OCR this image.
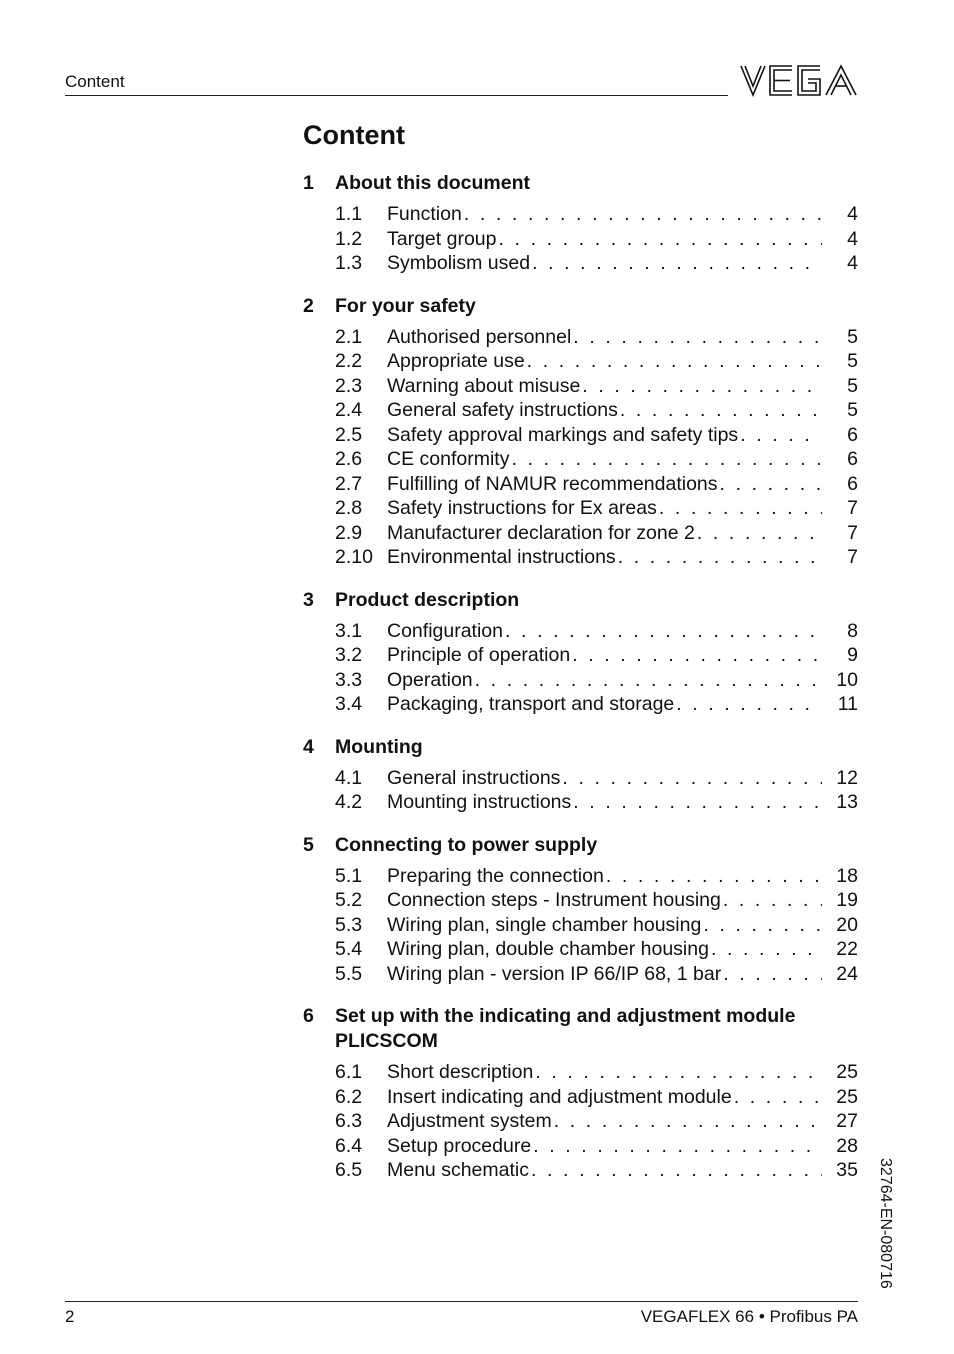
Content
Content
1	About this document
1.1	Function . . .	4
1.2	Target group . . .	4
1.3	Symbolism used . . .	4
2	For your safety
2.1	Authorised personnel . . .	5
2.2	Appropriate use . . .	5
2.3	Warning about misuse . . .	5
2.4	General safety instructions . . .	5
2.5	Safety approval markings and safety tips . . .	6
2.6	CE conformity . . .	6
2.7	Fulfilling of NAMUR recommendations . . .	6
2.8	Safety instructions for Ex areas . . .	7
2.9	Manufacturer declaration for zone 2 . . .	7
2.10 Environmental instructions . . .	7
3	Product description
3.1	Configuration . . .	8
3.2	Principle of operation . . .	9
3.3	Operation . . .	10
3.4	Packaging, transport and storage . . .	11
4	Mounting
4.1	General instructions . . .	12
4.2	Mounting instructions . . .	13
5	Connecting to power supply
5.1	Preparing the connection . . .	18
5.2	Connection steps - Instrument housing . . .	19
5.3	Wiring plan, single chamber housing . . .	20
5.4	Wiring plan, double chamber housing . . .	22
5.5	Wiring plan - version IP 66/IP 68, 1 bar . . .	24
6	Set up with the indicating and adjustment module PLICSCOM
6.1	Short description . . .	25
6.2	Insert indicating and adjustment module . . .	25
6.3	Adjustment system . . .	27
6.4	Setup procedure . . .	28
6.5	Menu schematic . . .	35 32764-EN-080716
2	VEGAFLEX 66 • Profibus PA
